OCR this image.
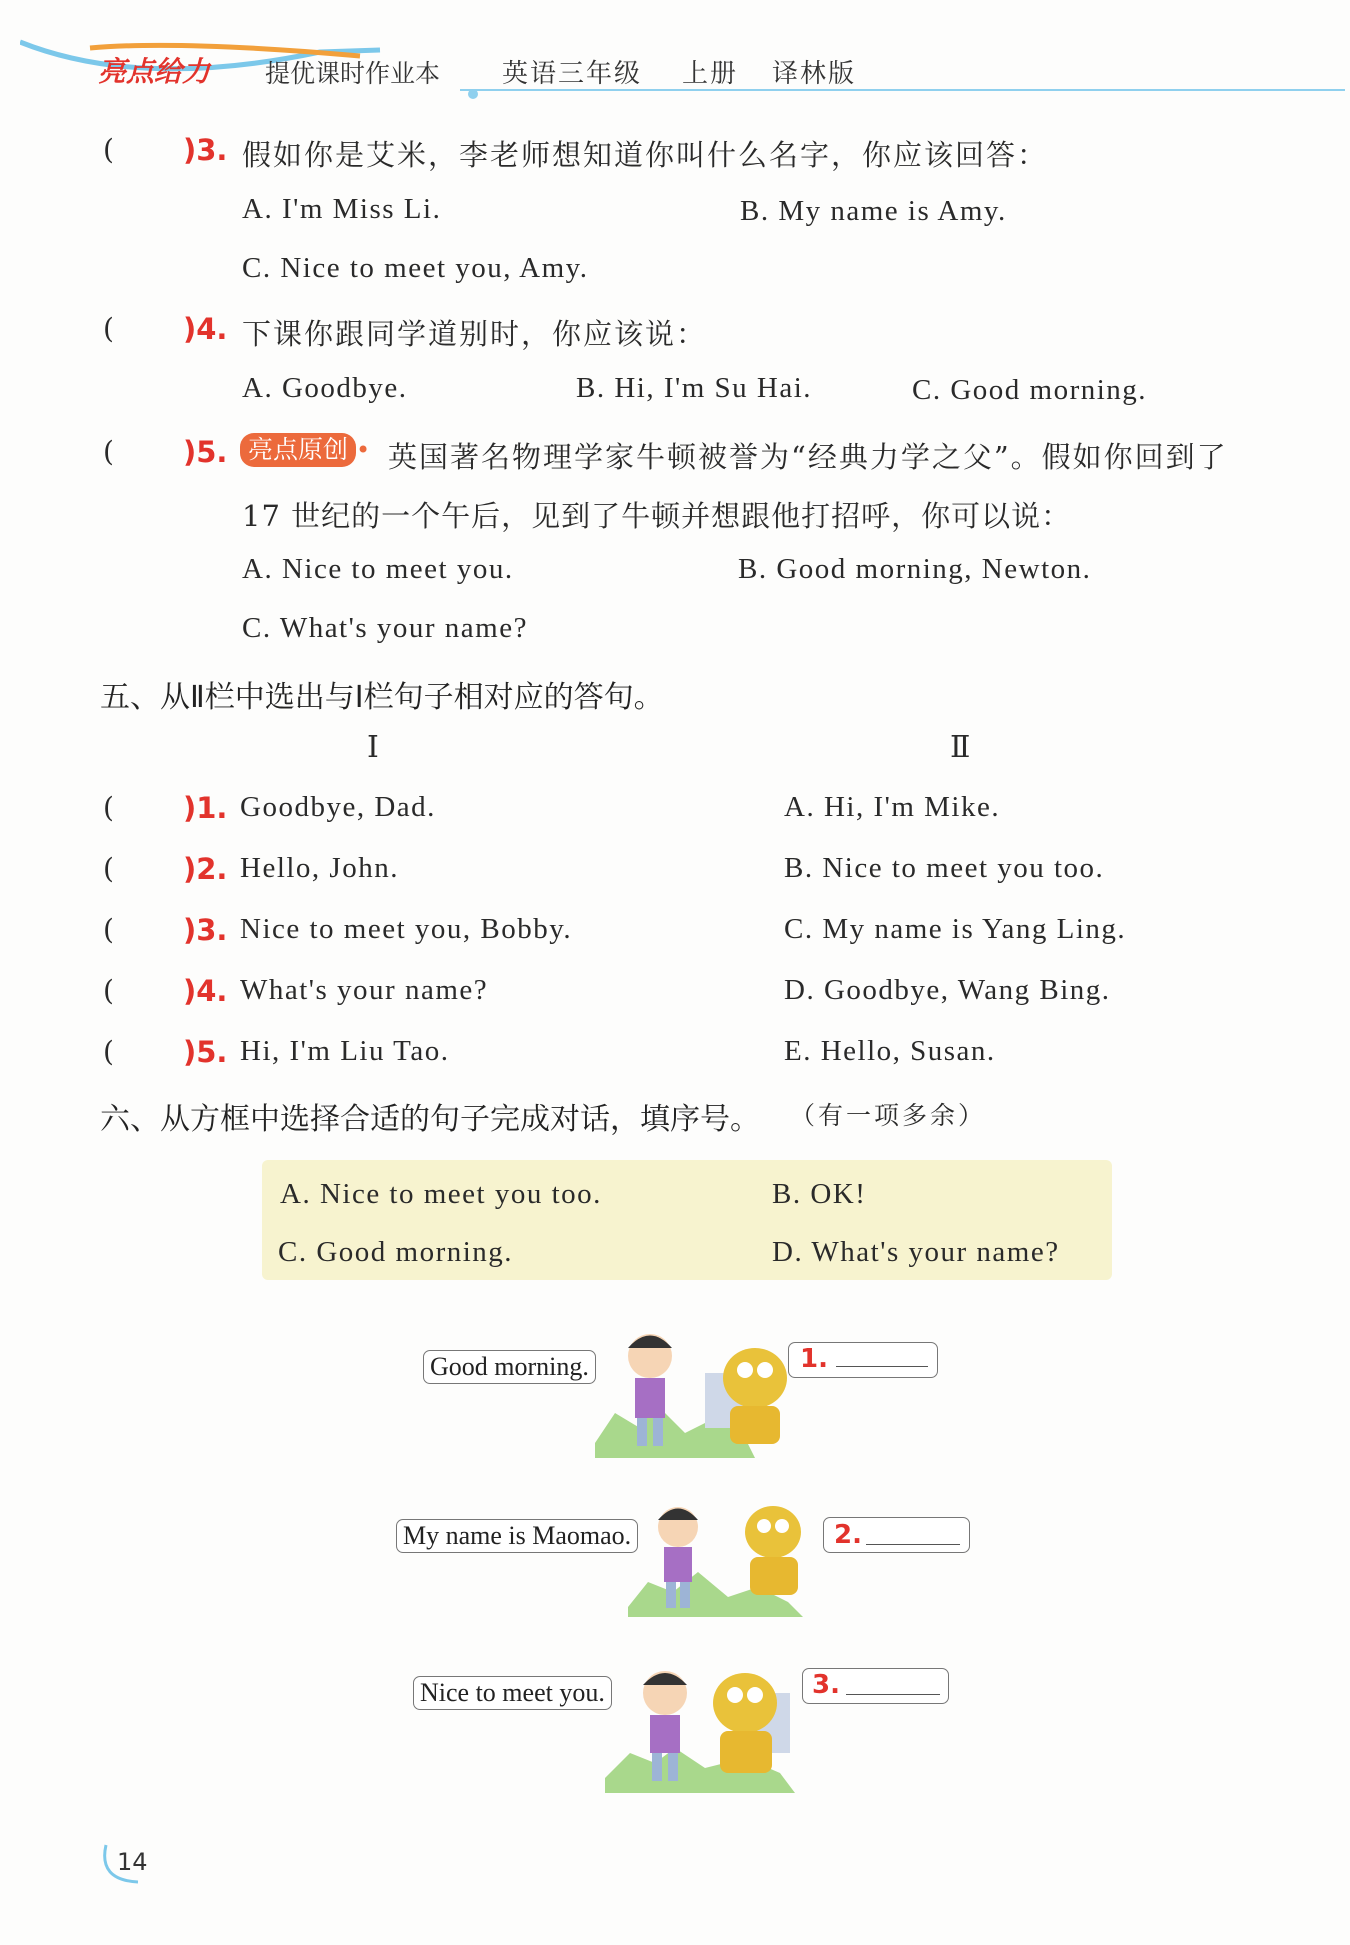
亮点给力 提优课时作业本 英语三年级 上册 译林版
( )3. 假如你是艾米，李老师想知道你叫什么名字，你应该回答：
A. I'm Miss Li.	B. My name is Amy.
C. Nice to meet you, Amy.
( )4. 下课你跟同学道别时，你应该说：
A. Goodbye.	B. Hi, I'm Su Hai.	C. Good morning.
( )5. 亮点原创 • 英国著名物理学家牛顿被誉为“经典力学之父”。假如你回到了
17 世纪的一个午后，见到了牛顿并想跟他打招呼，你可以说：
A. Nice to meet you.	B. Good morning, Newton.
C. What's your name?
五、从Ⅱ栏中选出与Ⅰ栏句子相对应的答句。
Ⅰ	Ⅱ
( )1. Goodbye, Dad.	A. Hi, I'm Mike.
( )2. Hello, John.	B. Nice to meet you too.
( )3. Nice to meet you, Bobby.	C. My name is Yang Ling.
( )4. What's your name?	D. Goodbye, Wang Bing.
( )5. Hi, I'm Liu Tao.	E. Hello, Susan.
六、从方框中选择合适的句子完成对话，填序号。 （有一项多余）
A. Nice to meet you too.	B. OK!
C. Good morning.	D. What's your name?
Good morning.	1.
My name is Maomao.	2.
Nice to meet you.	3.
14
